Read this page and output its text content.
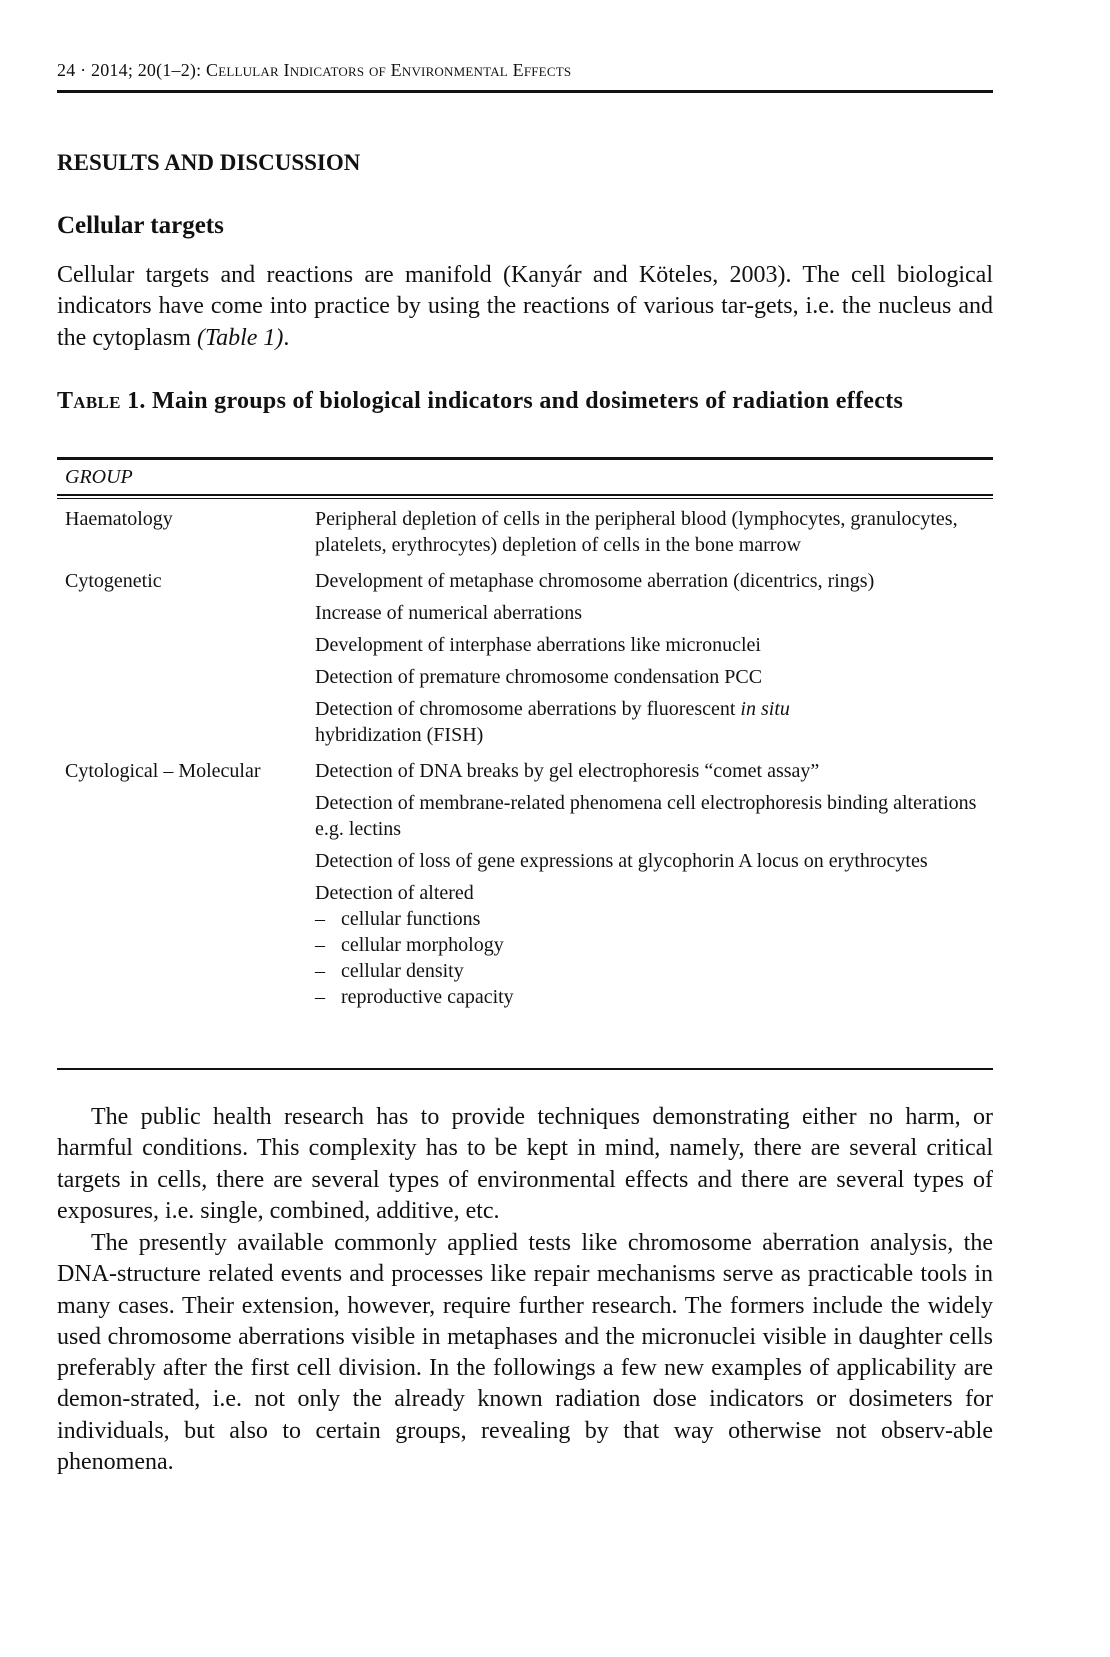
24 · 2014; 20(1–2): Cellular Indicators of Environmental Effects
RESULTS AND DISCUSSION
Cellular targets

Cellular targets and reactions are manifold (Kanyár and Köteles, 2003). The cell biological indicators have come into practice by using the reactions of various tar-gets, i.e. the nucleus and the cytoplasm (Table 1).

Table 1. Main groups of biological indicators and dosimeters of radiation effects
GROUP
Haematology	Peripheral depletion of cells in the peripheral blood (lymphocytes, granulocytes, platelets, erythrocytes) depletion of cells in the bone marrow
Cytogenetic	Development of metaphase chromosome aberration (dicentrics, rings)
Increase of numerical aberrations
Development of interphase aberrations like micronuclei
Detection of premature chromosome condensation PCC
Detection of chromosome aberrations by fluorescent in situ
hybridization (FISH)
Cytological – Molecular	Detection of DNA breaks by gel electrophoresis “comet assay”
Detection of membrane-related phenomena cell electrophoresis binding alterations e.g. lectins
Detection of loss of gene expressions at glycophorin A locus on erythrocytes
Detection of altered
– cellular functions
– cellular morphology
– cellular density
– reproductive capacity

The public health research has to provide techniques demonstrating either no harm, or harmful conditions. This complexity has to be kept in mind, namely, there are several critical targets in cells, there are several types of environmental effects and there are several types of exposures, i.e. single, combined, additive, etc.

The presently available commonly applied tests like chromosome aberration analysis, the DNA-structure related events and processes like repair mechanisms serve as practicable tools in many cases. Their extension, however, require further research. The formers include the widely used chromosome aberrations visible in metaphases and the micronuclei visible in daughter cells preferably after the first cell division. In the followings a few new examples of applicability are demon-strated, i.e. not only the already known radiation dose indicators or dosimeters for individuals, but also to certain groups, revealing by that way otherwise not observ-able phenomena.
